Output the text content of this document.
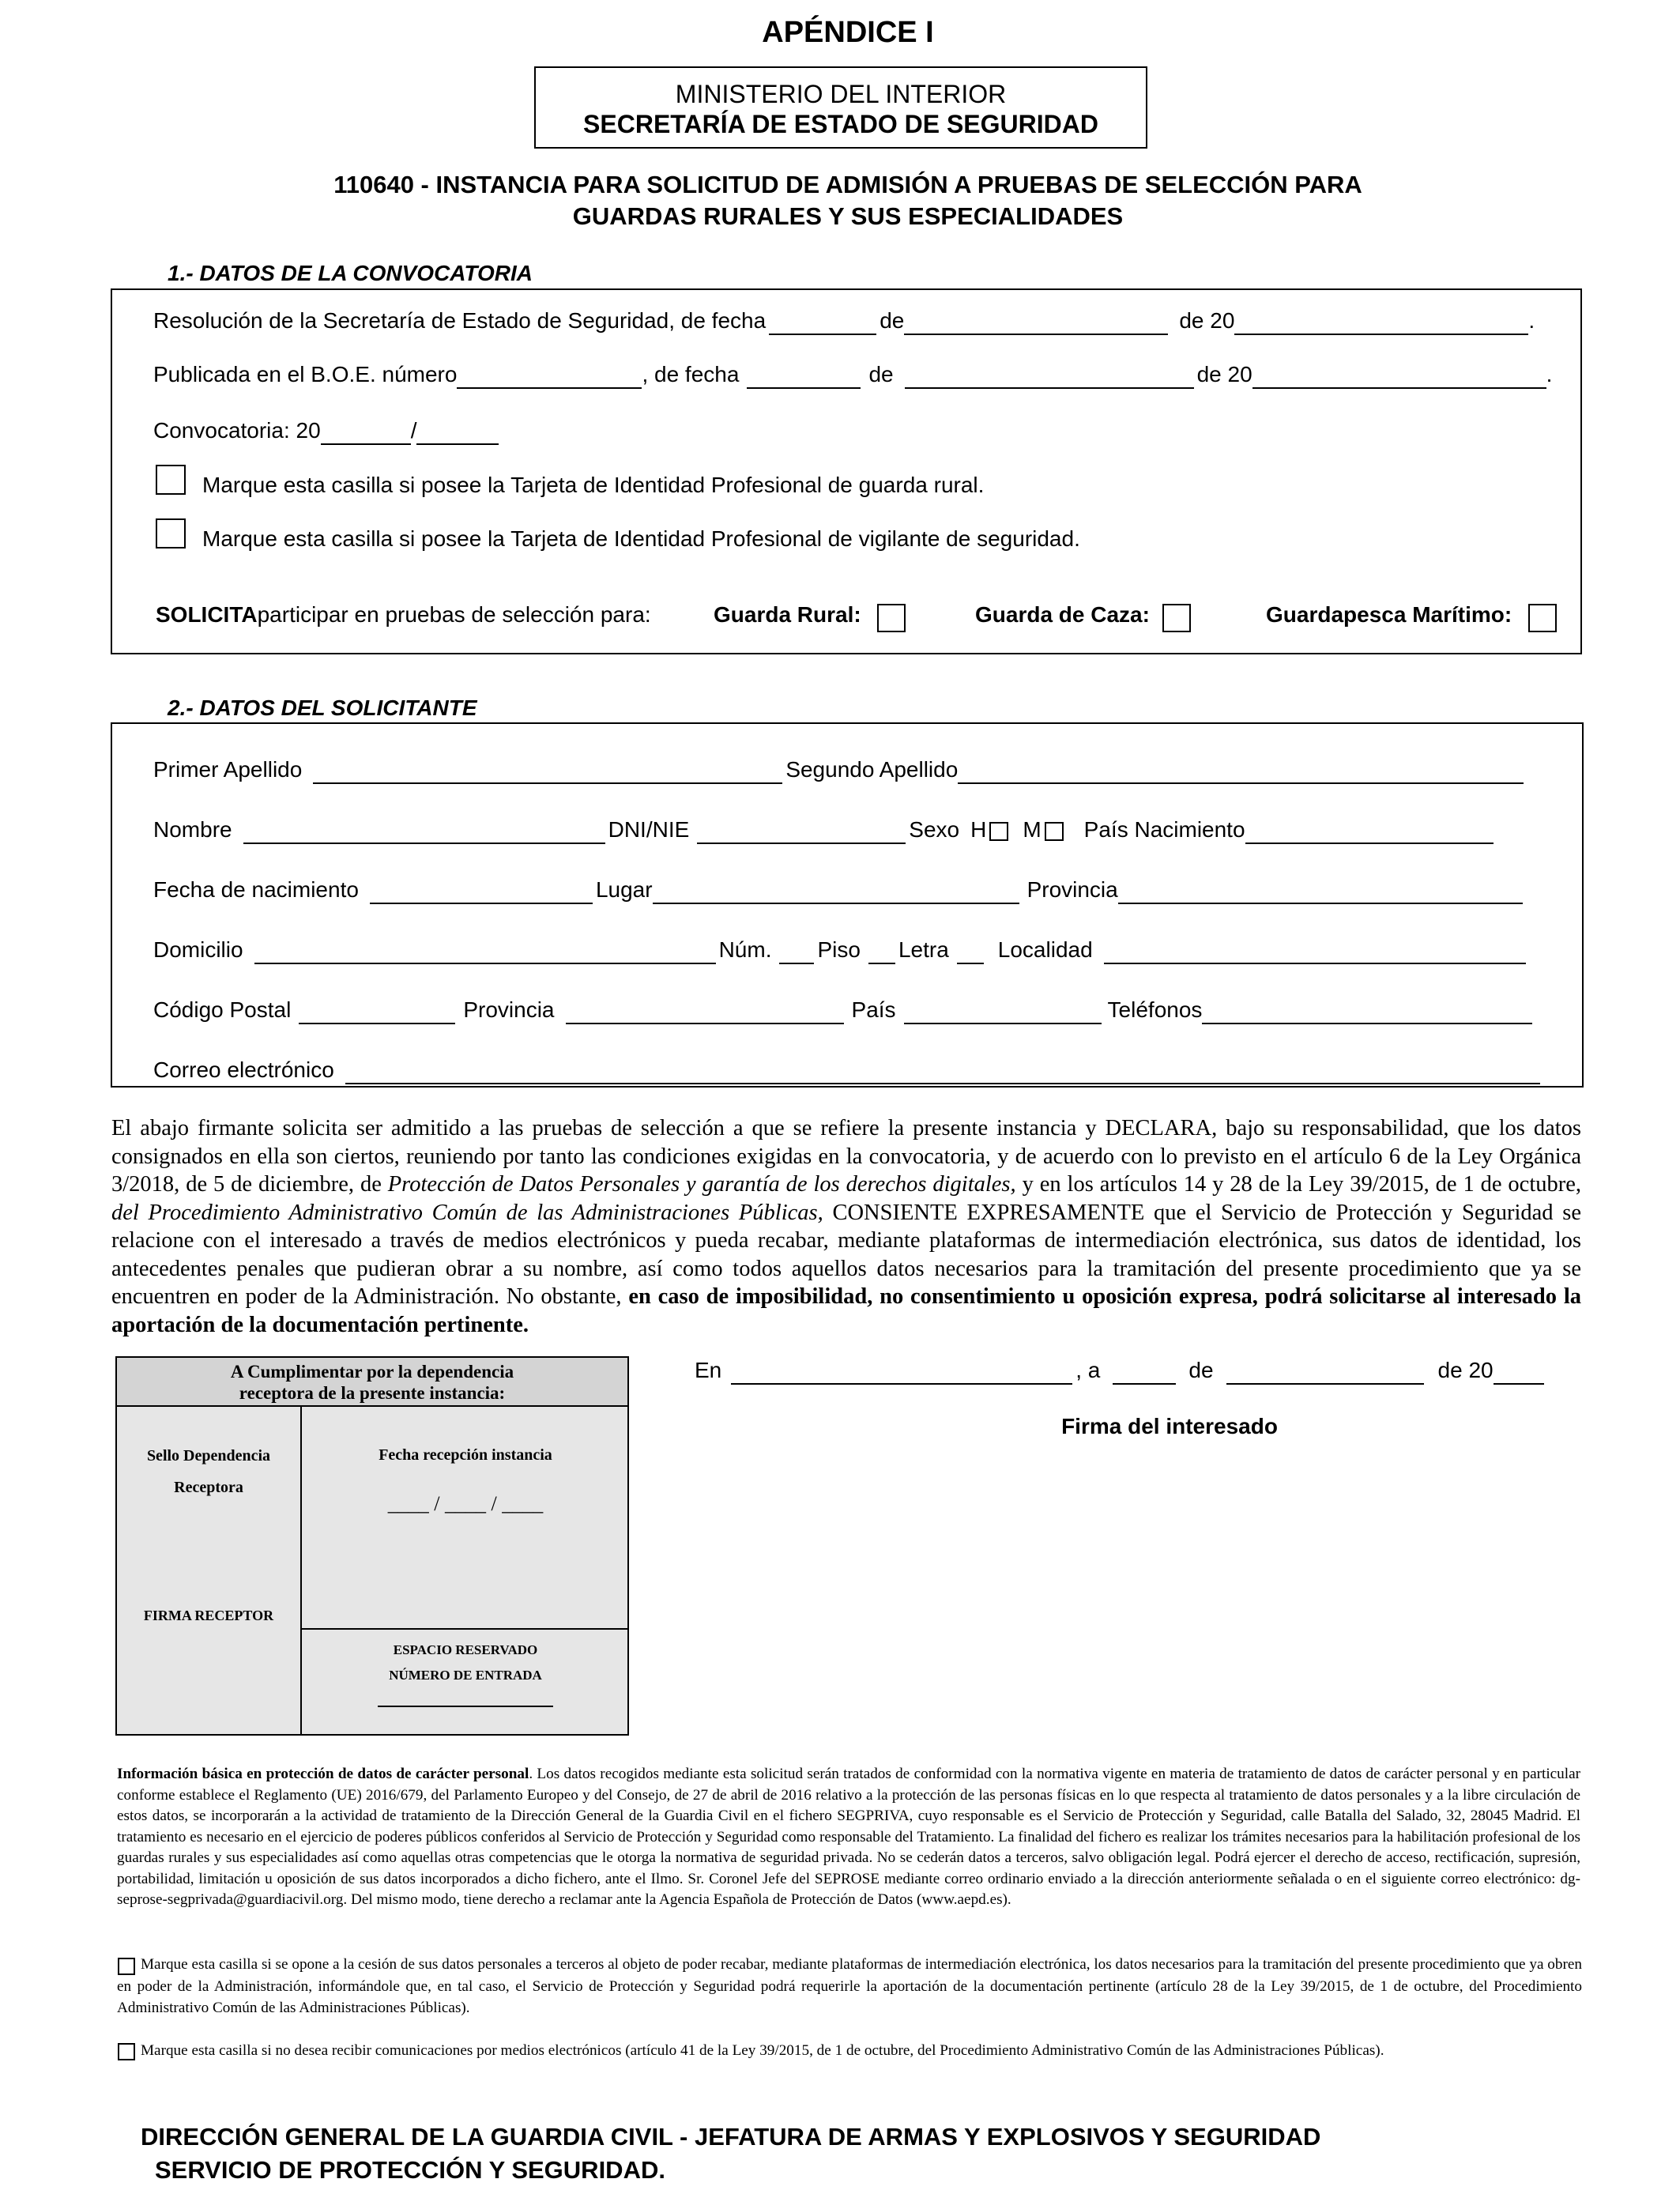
APÉNDICE I
MINISTERIO DEL INTERIOR
SECRETARÍA DE ESTADO DE SEGURIDAD
110640 - INSTANCIA PARA SOLICITUD DE ADMISIÓN A PRUEBAS DE SELECCIÓN PARA
GUARDAS RURALES Y SUS ESPECIALIDADES
1.- DATOS DE LA CONVOCATORIA
Resolución de la Secretaría de Estado de Seguridad, de fecha	de	de 20	.
Publicada en el B.O.E. número	, de fecha	de	de 20	.
Convocatoria: 20	/
Marque esta casilla si posee la Tarjeta de Identidad Profesional de guarda rural.
Marque esta casilla si posee la Tarjeta de Identidad Profesional de vigilante de seguridad.
SOLICITA participar en pruebas de selección para:	Guarda Rural:	Guarda de Caza:	Guardapesca Marítimo:
2.- DATOS DEL SOLICITANTE
Primer Apellido	Segundo Apellido
Nombre	DNI/NIE	Sexo H M País Nacimiento
Fecha de nacimiento	Lugar	Provincia
Domicilio	Núm. Piso Letra Localidad
Código Postal	Provincia	País	Teléfonos
Correo electrónico
El abajo firmante solicita ser admitido a las pruebas de selección a que se refiere la presente instancia y DECLARA, bajo su responsabilidad, que los datos consignados en ella son ciertos, reuniendo por tanto las condiciones exigidas en la convocatoria, y de acuerdo con lo previsto en el artículo 6 de la Ley Orgánica 3/2018, de 5 de diciembre, de Protección de Datos Personales y garantía de los derechos digitales, y en los artículos 14 y 28 de la Ley 39/2015, de 1 de octubre, del Procedimiento Administrativo Común de las Administraciones Públicas, CONSIENTE EXPRESAMENTE que el Servicio de Protección y Seguridad se relacione con el interesado a través de medios electrónicos y pueda recabar, mediante plataformas de intermediación electrónica, sus datos de identidad, los antecedentes penales que pudieran obrar a su nombre, así como todos aquellos datos necesarios para la tramitación del presente procedimiento que ya se encuentren en poder de la Administración. No obstante, en caso de imposibilidad, no consentimiento u oposición expresa, podrá solicitarse al interesado la aportación de la documentación pertinente.
A Cumplimentar por la dependencia
receptora de la presente instancia:
Sello Dependencia
Receptora
FIRMA RECEPTOR
Fecha recepción instancia
____ / ____ / ____
ESPACIO RESERVADO
NÚMERO DE ENTRADA
En	, a	de	de 20
Firma del interesado
Información básica en protección de datos de carácter personal. Los datos recogidos mediante esta solicitud serán tratados de conformidad con la normativa vigente en materia de tratamiento de datos de carácter personal y en particular conforme establece el Reglamento (UE) 2016/679, del Parlamento Europeo y del Consejo, de 27 de abril de 2016 relativo a la protección de las personas físicas en lo que respecta al tratamiento de datos personales y a la libre circulación de estos datos, se incorporarán a la actividad de tratamiento de la Dirección General de la Guardia Civil en el fichero SEGPRIVA, cuyo responsable es el Servicio de Protección y Seguridad, calle Batalla del Salado, 32, 28045 Madrid. El tratamiento es necesario en el ejercicio de poderes públicos conferidos al Servicio de Protección y Seguridad como responsable del Tratamiento. La finalidad del fichero es realizar los trámites necesarios para la habilitación profesional de los guardas rurales y sus especialidades así como aquellas otras competencias que le otorga la normativa de seguridad privada. No se cederán datos a terceros, salvo obligación legal. Podrá ejercer el derecho de acceso, rectificación, supresión, portabilidad, limitación u oposición de sus datos incorporados a dicho fichero, ante el Ilmo. Sr. Coronel Jefe del SEPROSE mediante correo ordinario enviado a la dirección anteriormente señalada o en el siguiente correo electrónico: dg-seprose-segprivada@guardiacivil.org. Del mismo modo, tiene derecho a reclamar ante la Agencia Española de Protección de Datos (www.aepd.es).
Marque esta casilla si se opone a la cesión de sus datos personales a terceros al objeto de poder recabar, mediante plataformas de intermediación electrónica, los datos necesarios para la tramitación del presente procedimiento que ya obren en poder de la Administración, informándole que, en tal caso, el Servicio de Protección y Seguridad podrá requerirle la aportación de la documentación pertinente (artículo 28 de la Ley 39/2015, de 1 de octubre, del Procedimiento Administrativo Común de las Administraciones Públicas).
Marque esta casilla si no desea recibir comunicaciones por medios electrónicos (artículo 41 de la Ley 39/2015, de 1 de octubre, del Procedimiento Administrativo Común de las Administraciones Públicas).
DIRECCIÓN GENERAL DE LA GUARDIA CIVIL - JEFATURA DE ARMAS Y EXPLOSIVOS Y SEGURIDAD
SERVICIO DE PROTECCIÓN Y SEGURIDAD.
